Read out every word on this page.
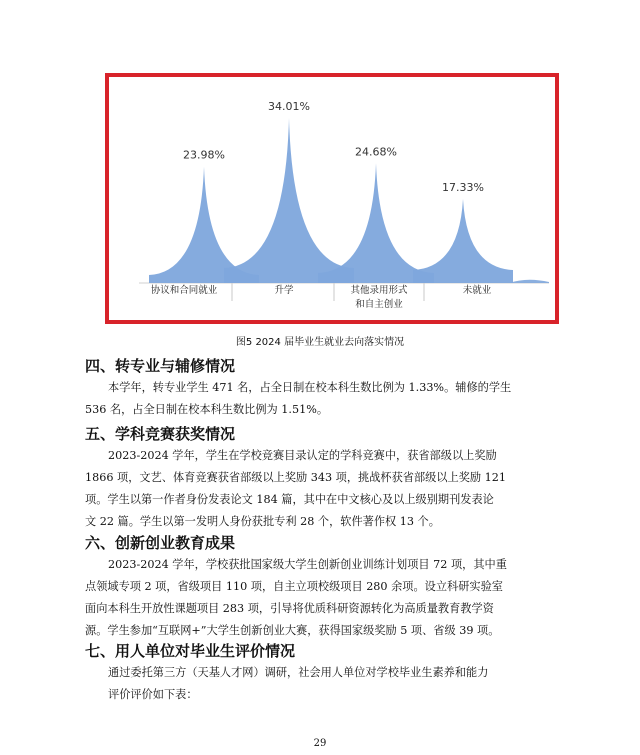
23.98%
34.01%
24.68%
17.33%
协议和合同就业	升学	其他录用形式
和自主创业
未就业
图5 2024 届毕业生就业去向落实情况
四、转专业与辅修情况

本学年，转专业学生 471 名，占全日制在校本科生数比例为 1.33%。辅修的学生
536 名，占全日制在校本科生数比例为 1.51%。

五、学科竞赛获奖情况

2023-2024 学年，学生在学校竞赛目录认定的学科竞赛中，获省部级以上奖励
1866 项，文艺、体育竞赛获省部级以上奖励 343 项，挑战杯获省部级以上奖励 121
项。学生以第一作者身份发表论文 184 篇，其中在中文核心及以上级别期刊发表论
文 22 篇。学生以第一发明人身份获批专利 28 个，软件著作权 13 个。

六、创新创业教育成果

2023-2024 学年，学校获批国家级大学生创新创业训练计划项目 72 项，其中重
点领域专项 2 项，省级项目 110 项，自主立项校级项目 280 余项。设立科研实验室
面向本科生开放性课题项目 283 项，引导将优质科研资源转化为高质量教育教学资
源。学生参加“互联网+”大学生创新创业大赛，获得国家级奖励 5 项、省级 39 项。

七、用人单位对毕业生评价情况

通过委托第三方（天基人才网）调研，社会用人单位对学校毕业生素养和能力
评价评价如下表：

29
